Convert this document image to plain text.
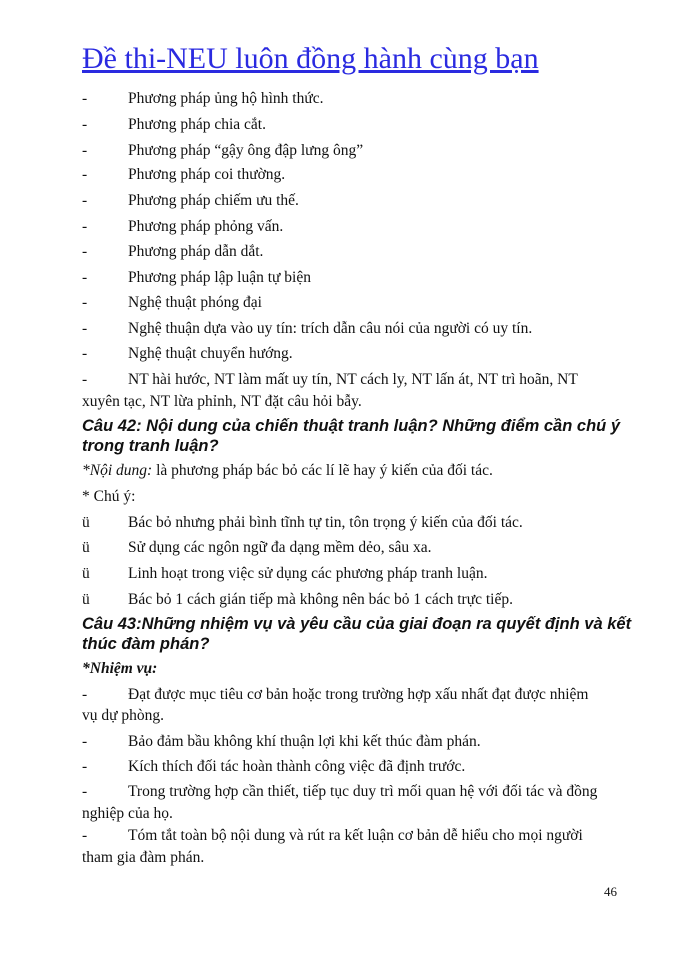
Đề thi-NEU luôn đồng hành cùng bạn
-	Phương pháp ủng hộ hình thức.
-	Phương pháp chia cắt.
-	Phương pháp “gậy ông đập lưng ông”
-	Phương pháp coi thường.
-	Phương pháp chiếm ưu thế.
-	Phương pháp phỏng vấn.
-	Phương pháp dẫn dắt.
-	Phương pháp lập luận tự biện
-	Nghệ thuật phóng đại
-	Nghệ thuận dựa vào uy tín: trích dẫn câu nói của người có uy tín.
-	Nghệ thuật chuyển hướng.
-	NT hài hước, NT làm mất uy tín, NT cách ly, NT lấn át, NT trì hoãn, NT
xuyên tạc, NT lừa phỉnh, NT đặt câu hỏi bẫy.
Câu 42: Nội dung của chiến thuật tranh luận? Những điểm cần chú ý
trong tranh luận?
*Nội dung: là phương pháp bác bỏ các lí lẽ hay ý kiến của đối tác.
* Chú ý:
ü	Bác bỏ nhưng phải bình tĩnh tự tin, tôn trọng ý kiến của đối tác.
ü	Sử dụng các ngôn ngữ đa dạng mềm dẻo, sâu xa.
ü	Linh hoạt trong việc sử dụng các phương pháp tranh luận.
ü	Bác bỏ 1 cách gián tiếp mà không nên bác bỏ 1 cách trực tiếp.
Câu 43:Những nhiệm vụ và yêu cầu của giai đoạn ra quyết định và kết
thúc đàm phán?
*Nhiệm vụ:
-	Đạt được mục tiêu cơ bản hoặc trong trường hợp xấu nhất đạt được nhiệm
vụ dự phòng.
-	Bảo đảm bầu không khí thuận lợi khi kết thúc đàm phán.
-	Kích thích đối tác hoàn thành công việc đã định trước.
-	Trong trường hợp cần thiết, tiếp tục duy trì mối quan hệ với đối tác và đồng
nghiệp của họ.
-	Tóm tắt toàn bộ nội dung và rút ra kết luận cơ bản dễ hiểu cho mọi người
tham gia đàm phán.
46
